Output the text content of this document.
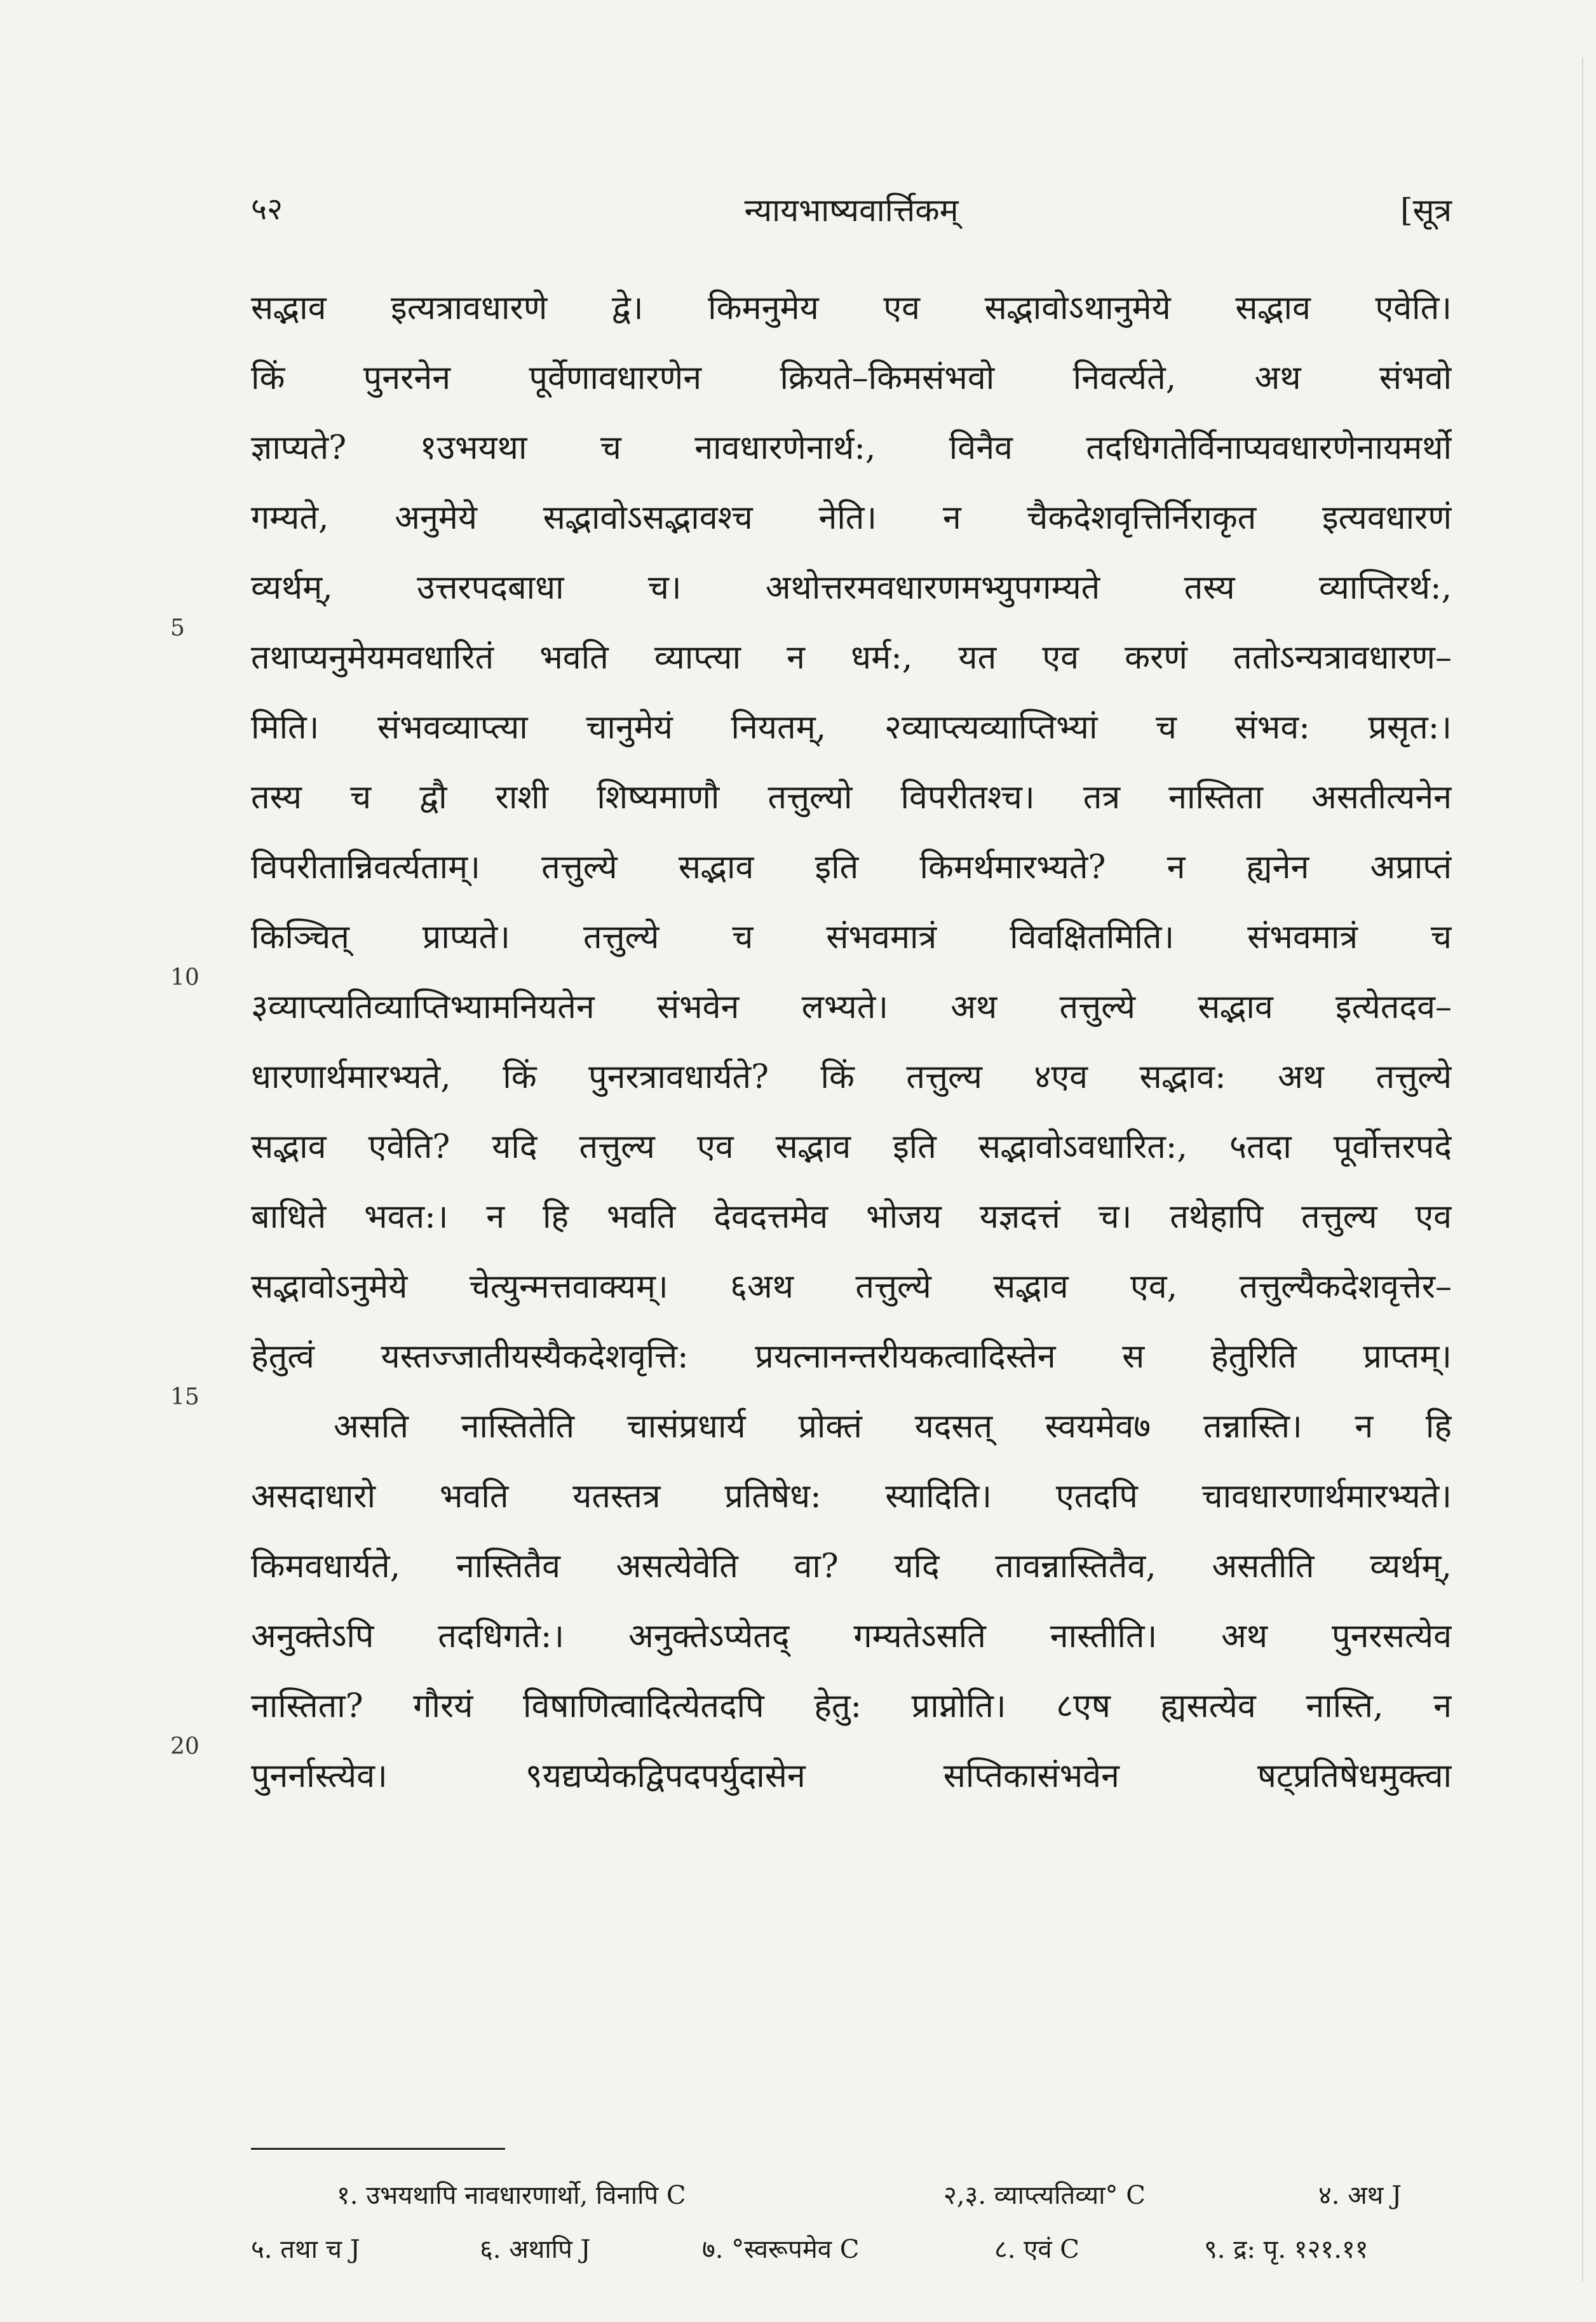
५२	न्यायभाष्यवार्त्तिकम्	[सूत्र
5
10
15
20
सद्भाव इत्यत्रावधारणे द्वे। किमनुमेय एव सद्भावोऽथानुमेये सद्भाव एवेति।
किं पुनरनेन पूर्वेणावधारणेन क्रियते–किमसंभवो निवर्त्यते, अथ संभवो
ज्ञाप्यते? १उभयथा च नावधारणेनार्थ:, विनैव तदधिगतेर्विनाप्यवधारणेनायमर्थो
गम्यते, अनुमेये सद्भावोऽसद्भावश्च नेति। न चैकदेशवृत्तिर्निराकृत इत्यवधारणं
व्यर्थम्, उत्तरपदबाधा च। अथोत्तरमवधारणमभ्युपगम्यते तस्य व्याप्तिरर्थ:,
तथाप्यनुमेयमवधारितं भवति व्याप्त्या न धर्म:, यत एव करणं ततोऽन्यत्रावधारण–
मिति। संभवव्याप्त्या चानुमेयं नियतम्, २व्याप्त्यव्याप्तिभ्यां च संभव: प्रसृत:।
तस्य च द्वौ राशी शिष्यमाणौ तत्तुल्यो विपरीतश्च। तत्र नास्तिता असतीत्यनेन
विपरीतान्निवर्त्यताम्। तत्तुल्ये सद्भाव इति किमर्थमारभ्यते? न ह्यनेन अप्राप्तं
किञ्चित् प्राप्यते। तत्तुल्ये च संभवमात्रं विवक्षितमिति। संभवमात्रं च
३व्याप्त्यतिव्याप्तिभ्यामनियतेन संभवेन लभ्यते। अथ तत्तुल्ये सद्भाव इत्येतदव–
धारणार्थमारभ्यते, किं पुनरत्रावधार्यते? किं तत्तुल्य ४एव सद्भाव: अथ तत्तुल्ये
सद्भाव एवेति? यदि तत्तुल्य एव सद्भाव इति सद्भावोऽवधारित:, ५तदा पूर्वोत्तरपदे
बाधिते भवत:। न हि भवति देवदत्तमेव भोजय यज्ञदत्तं च। तथेहापि तत्तुल्य एव
सद्भावोऽनुमेये चेत्युन्मत्तवाक्यम्। ६अथ तत्तुल्ये सद्भाव एव, तत्तुल्यैकदेशवृत्तेर–
हेतुत्वं यस्तज्जातीयस्यैकदेशवृत्ति: प्रयत्नानन्तरीयकत्वादिस्तेन स हेतुरिति प्राप्तम्।
असति नास्तितेति चासंप्रधार्य प्रोक्तं यदसत् स्वयमेव७ तन्नास्ति। न हि
असदाधारो भवति यतस्तत्र प्रतिषेध: स्यादिति। एतदपि चावधारणार्थमारभ्यते।
किमवधार्यते, नास्तितैव असत्येवेति वा? यदि तावन्नास्तितैव, असतीति व्यर्थम्,
अनुक्तेऽपि तदधिगते:। अनुक्तेऽप्येतद् गम्यतेऽसति नास्तीति। अथ पुनरसत्येव
नास्तिता? गौरयं विषाणित्वादित्येतदपि हेतु: प्राप्नोति। ८एष ह्यसत्येव नास्ति, न
पुनर्नास्त्येव। ९यद्यप्येकद्विपदपर्युदासेन सप्तिकासंभवेन षट्प्रतिषेधमुक्त्वा
१. उभयथापि नावधारणार्थो, विनापि C	२,३. व्याप्त्यतिव्या° C	४. अथ J
५. तथा च J	६. अथापि J	७. °स्वरूपमेव C	८. एवं C	९. द्र: पृ. १२१.११
